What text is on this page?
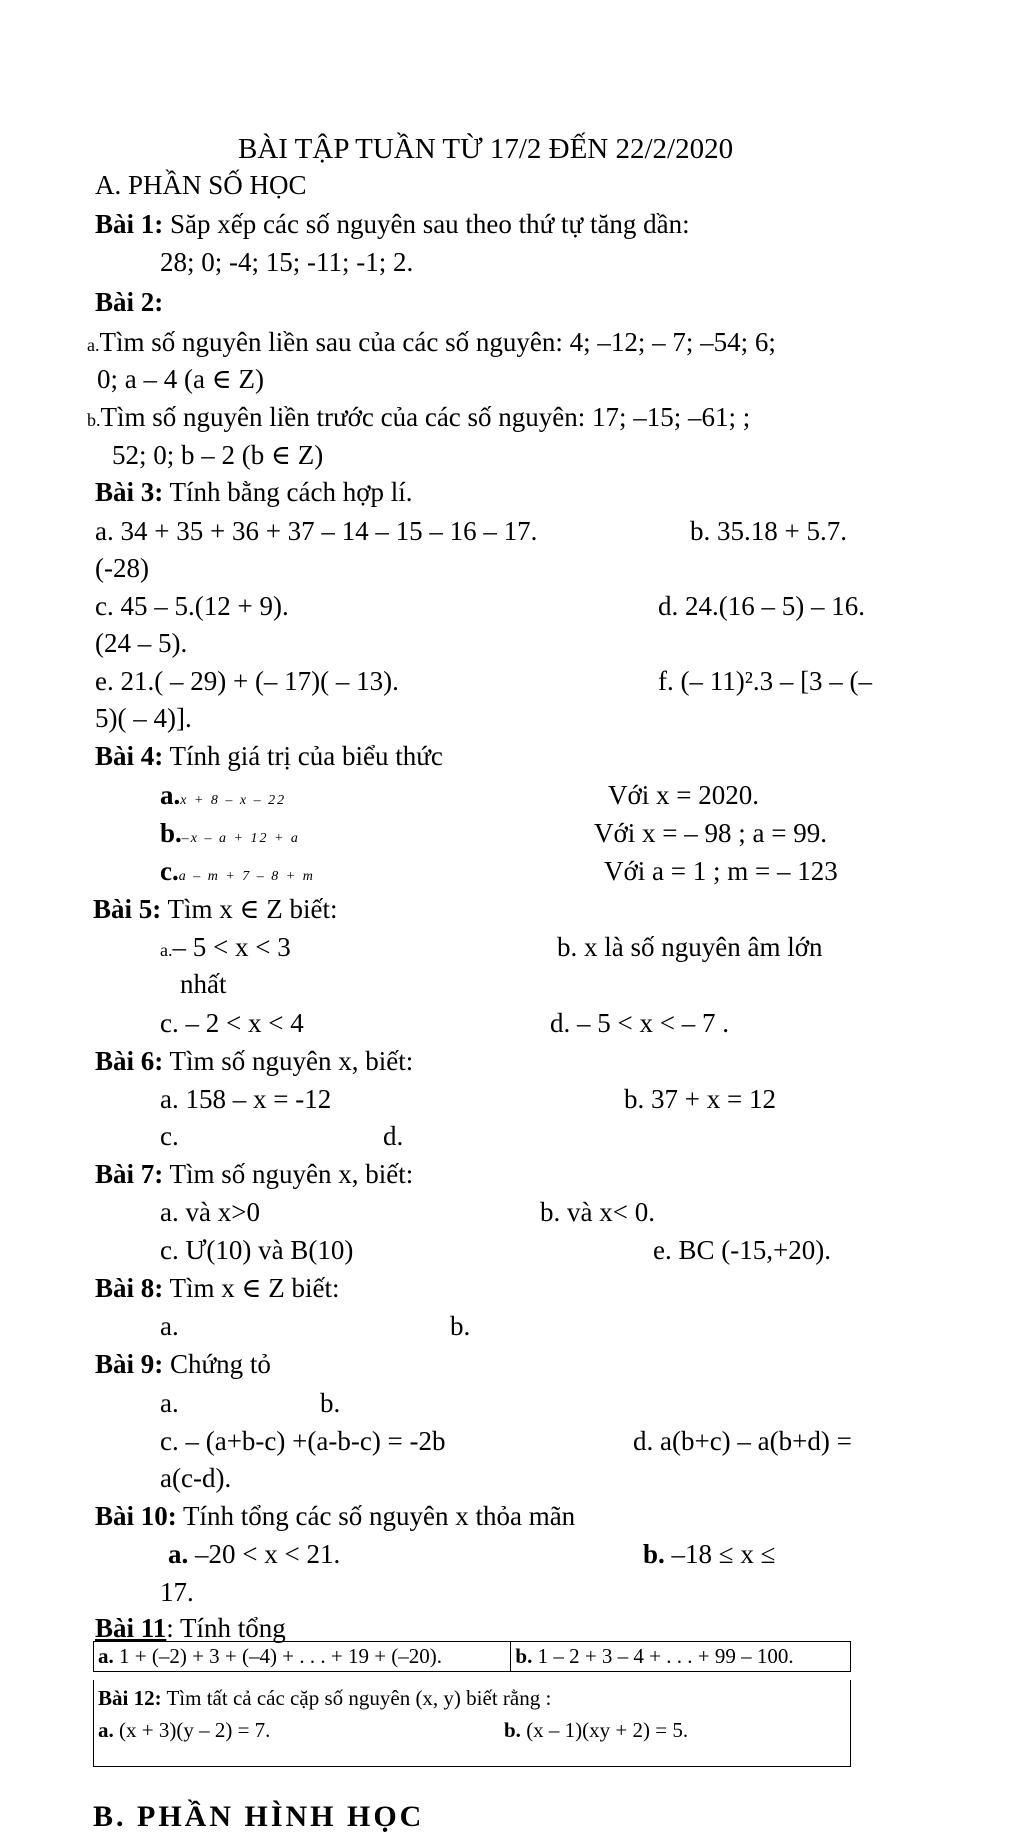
BÀI TẬP TUẦN TỪ 17/2 ĐẾN 22/2/2020
A. PHẦN SỐ HỌC
Bài 1: Săp xếp các số nguyên sau theo thứ tự tăng dần:
28; 0; -4; 15; -11; -1; 2.
Bài 2:
a.Tìm số nguyên liền sau của các số nguyên: 4; –12; – 7; –54; 6;
0; a – 4 (a ∈ Z)
b.Tìm số nguyên liền trước của các số nguyên: 17; –15; –61; ;
52; 0; b – 2 (b ∈ Z)
Bài 3: Tính bằng cách hợp lí.
a. 34 + 35 + 36 + 37 – 14 – 15 – 16 – 17.	b. 35.18 + 5.7.
(-28)
c. 45 – 5.(12 + 9).	d. 24.(16 – 5) – 16.
(24 – 5).
e. 21.( – 29) + (– 17)( – 13).	f. (– 11)².3 – [3 – (–
5)( – 4)].
Bài 4: Tính giá trị của biểu thức
a.x + 8 – x – 22	Với x = 2020.
b.–x – a + 12 + a	Với x = – 98 ; a = 99.
c.a – m + 7 – 8 + m	Với a = 1 ; m = – 123
Bài 5: Tìm x ∈ Z biết:
a.– 5 < x < 3	b. x là số nguyên âm lớn
nhất
c. – 2 < x < 4	d. – 5 < x < – 7 .
Bài 6: Tìm số nguyên x, biết:
a. 158 – x = -12	b. 37 + x = 12
c.	d.
Bài 7: Tìm số nguyên x, biết:
a. và x>0	b. và x< 0.
c. Ư(10) và B(10)	e. BC (-15,+20).
Bài 8: Tìm x ∈ Z biết:
a.	b.
Bài 9: Chứng tỏ
a.	b.
c. – (a+b-c) +(a-b-c) = -2b	d. a(b+c) – a(b+d) =
a(c-d).
Bài 10: Tính tổng các số nguyên x thỏa mãn
a. –20 < x < 21.	b. –18 ≤ x ≤
17.
Bài 11: Tính tổng
a. 1 + (–2) + 3 + (–4) + . . . + 19 + (–20).	b. 1 – 2 + 3 – 4 + . . . + 99 – 100.
Bài 12: Tìm tất cả các cặp số nguyên (x, y) biết rằng :
a. (x + 3)(y – 2) = 7.	b. (x – 1)(xy + 2) = 5.
B. PHẦN HÌNH HỌC
